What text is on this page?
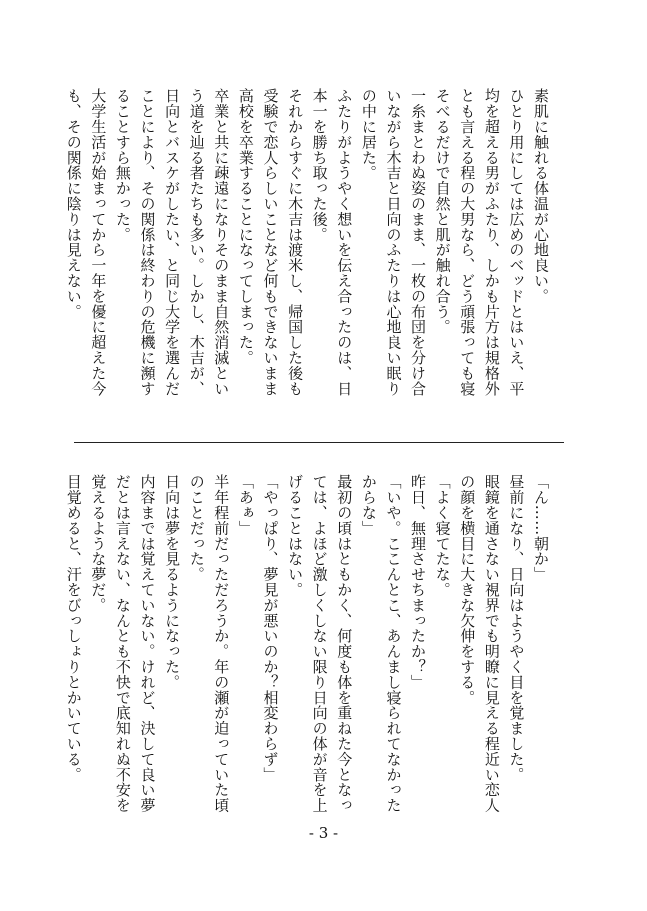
素肌に触れる体温が心地良い。

ひとり用にしては広めのベッドとはいえ、平均を超える男がふたり、しかも片方は規格外とも言える程の大男なら、どう頑張っても寝そべるだけで自然と肌が触れ合う。

一糸まとわぬ姿のまま、一枚の布団を分け合いながら木吉と日向のふたりは心地良い眠りの中に居た。

ふたりがようやく想いを伝え合ったのは、日本一を勝ち取った後。

それからすぐに木吉は渡米し、帰国した後も受験で恋人らしいことなど何もできないまま高校を卒業することになってしまった。

卒業と共に疎遠になりそのまま自然消滅という道を辿る者たちも多い。しかし、木吉が、日向とバスケがしたい、と同じ大学を選んだことにより、その関係は終わりの危機に瀕することすら無かった。

大学生活が始まってから一年を優に超えた今も、その関係に陰りは見えない。

「ん……朝か」

昼前になり、日向はようやく目を覚ました。

眼鏡を通さない視界でも明瞭に見える程近い恋人の顔を横目に大きな欠伸をする。

「よく寝てたな。

昨日、無理させちまったか？」

「いや。ここんとこ、あんまし寝られてなかったからな」

最初の頃はともかく、何度も体を重ねた今となっては、よほど激しくしない限り日向の体が音を上げることはない。

「やっぱり、夢見が悪いのか？相変わらず」

「あぁ」

半年程前だっただろうか。年の瀬が迫っていた頃のことだった。

日向は夢を見るようになった。

内容までは覚えていない。けれど、決して良い夢だとは言えない、なんとも不快で底知れぬ不安を覚えるような夢だ。

目覚めると、汗をびっしょりとかいている。

- 3 -
